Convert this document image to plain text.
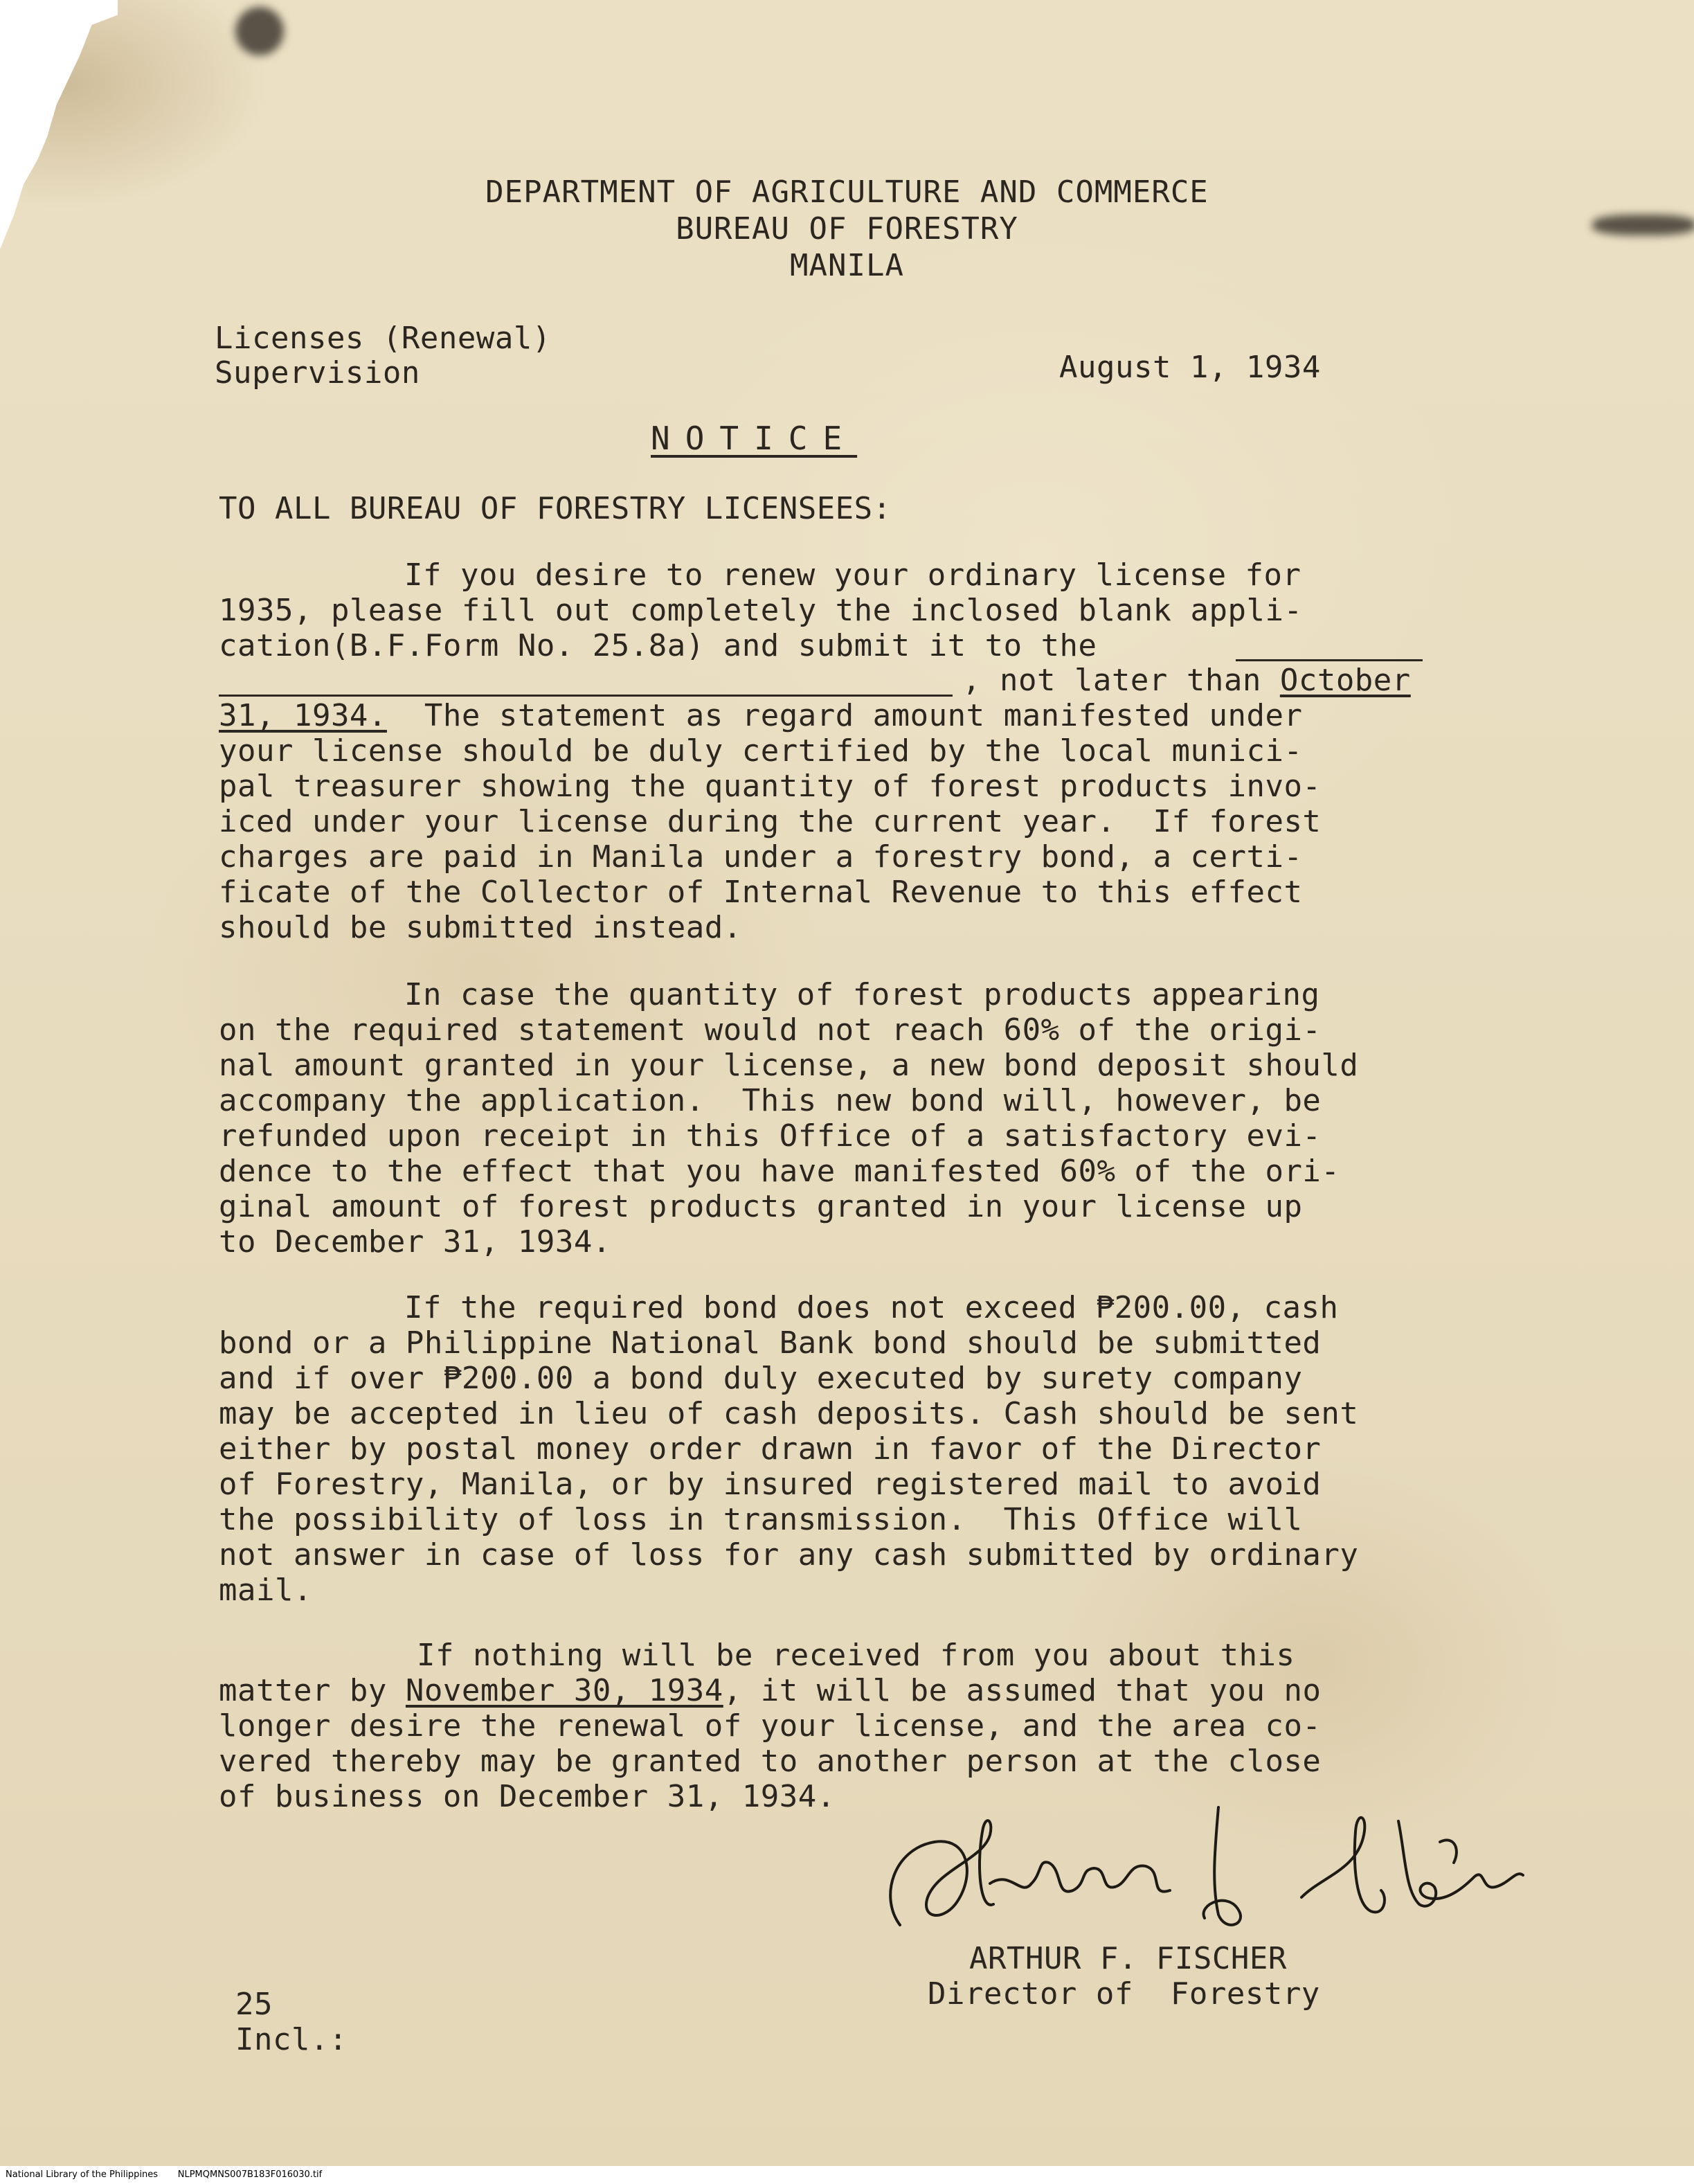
DEPARTMENT OF AGRICULTURE AND COMMERCE
BUREAU OF FORESTRY
MANILA
Licenses (Renewal)
Supervision	August 1, 1934
NOTICE
TO ALL BUREAU OF FORESTRY LICENSEES:
If you desire to renew your ordinary license for
1935, please fill out completely the inclosed blank appli-
cation(B.F.Form No. 25.8a) and submit it to the
, not later than October
31, 1934. The statement as regard amount manifested under
your license should be duly certified by the local munici-
pal treasurer showing the quantity of forest products invo-
iced under your license during the current year.  If forest
charges are paid in Manila under a forestry bond, a certi-
ficate of the Collector of Internal Revenue to this effect
should be submitted instead.
In case the quantity of forest products appearing
on the required statement would not reach 60% of the origi-
nal amount granted in your license, a new bond deposit should
accompany the application.  This new bond will, however, be
refunded upon receipt in this Office of a satisfactory evi-
dence to the effect that you have manifested 60% of the ori-
ginal amount of forest products granted in your license up
to December 31, 1934.
If the required bond does not exceed ₱200.00, cash
bond or a Philippine National Bank bond should be submitted
and if over ₱200.00 a bond duly executed by surety company
may be accepted in lieu of cash deposits. Cash should be sent
either by postal money order drawn in favor of the Director
of Forestry, Manila, or by insured registered mail to avoid
the possibility of loss in transmission.  This Office will
not answer in case of loss for any cash submitted by ordinary
mail.
If nothing will be received from you about this
matter by November 30, 1934, it will be assumed that you no
longer desire the renewal of your license, and the area co-
vered thereby may be granted to another person at the close
of business on December 31, 1934.
ARTHUR F. FISCHER
Director of  Forestry
25
Incl.:
National Library of the Philippines NLPMQMNS007B183F016030.tif
